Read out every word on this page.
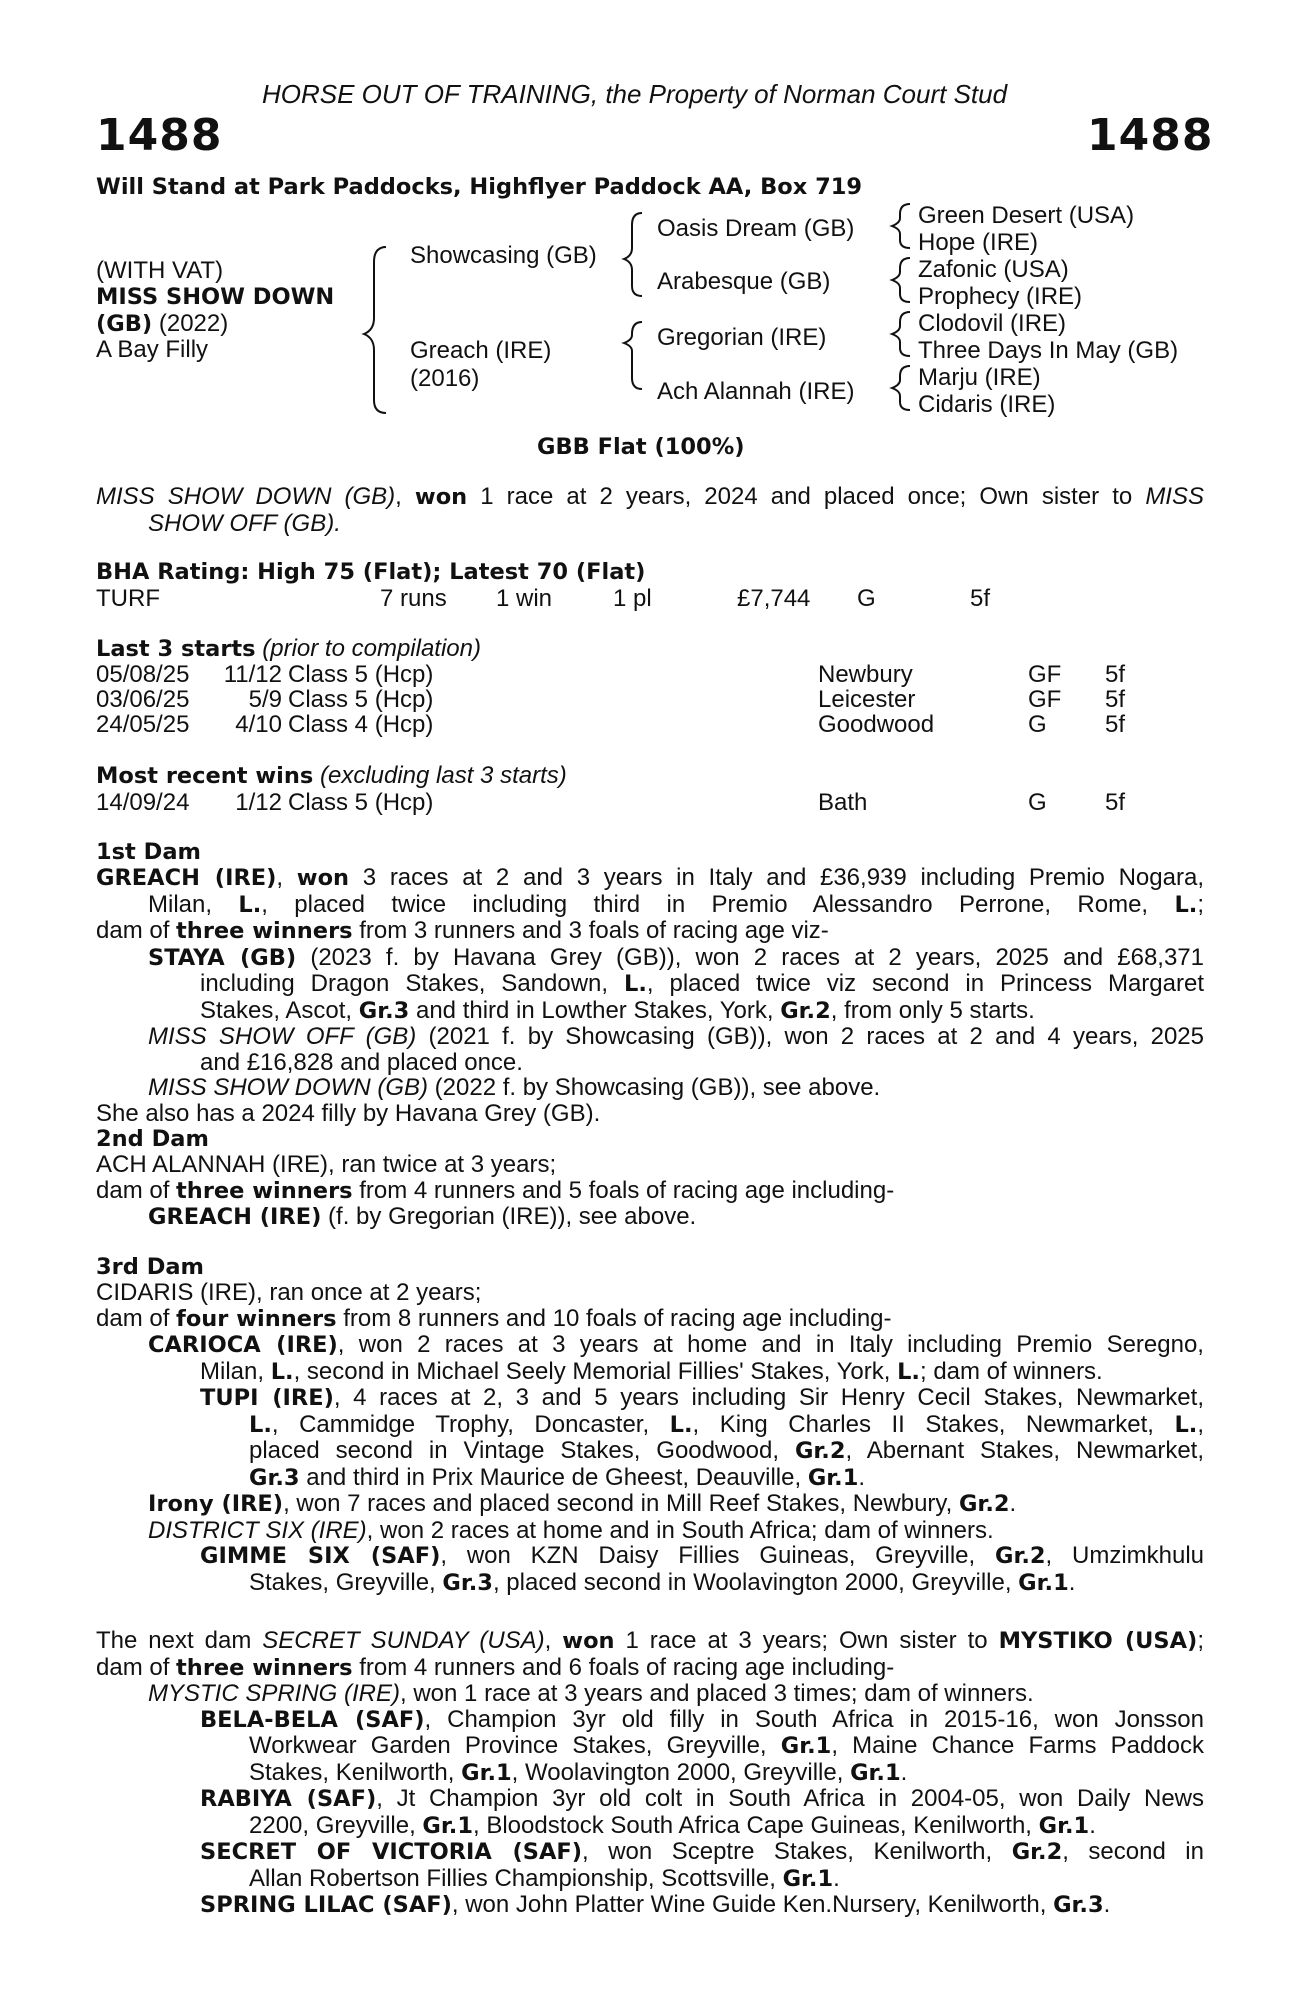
HORSE OUT OF TRAINING, the Property of Norman Court Stud
1488	1488
Will Stand at Park Paddocks, Highflyer Paddock AA, Box 719
(WITH VAT)
MISS SHOW DOWN
(GB) (2022)
A Bay Filly
Showcasing (GB)
Greach (IRE)
(2016)
Oasis Dream (GB)
Arabesque (GB)
Gregorian (IRE)
Ach Alannah (IRE)
Green Desert (USA)
Hope (IRE)
Zafonic (USA)
Prophecy (IRE)
Clodovil (IRE)
Three Days In May (GB)
Marju (IRE)
Cidaris (IRE)
GBB Flat (100%)
MISS SHOW DOWN (GB), won 1 race at 2 years, 2024 and placed once; Own sister to MISS
SHOW OFF (GB).
BHA Rating: High 75 (Flat); Latest 70 (Flat)
TURF	7 runs 1 win	1 pl	£7,744 G	5f
Last 3 starts (prior to compilation)
05/08/25 11/12 Class 5 (Hcp)	Newbury	GF 5f
03/06/25 5/9 Class 5 (Hcp)	Leicester	GF 5f
24/05/25 4/10 Class 4 (Hcp)	Goodwood	G 5f
Most recent wins (excluding last 3 starts)
14/09/24 1/12 Class 5 (Hcp)	Bath	G 5f
1st Dam
GREACH (IRE), won 3 races at 2 and 3 years in Italy and £36,939 including Premio Nogara,
Milan, L., placed twice including third in Premio Alessandro Perrone, Rome, L.;
dam of three winners from 3 runners and 3 foals of racing age viz-
STAYA (GB) (2023 f. by Havana Grey (GB)), won 2 races at 2 years, 2025 and £68,371
including Dragon Stakes, Sandown, L., placed twice viz second in Princess Margaret
Stakes, Ascot, Gr.3 and third in Lowther Stakes, York, Gr.2, from only 5 starts.
MISS SHOW OFF (GB) (2021 f. by Showcasing (GB)), won 2 races at 2 and 4 years, 2025
and £16,828 and placed once.
MISS SHOW DOWN (GB) (2022 f. by Showcasing (GB)), see above.
She also has a 2024 filly by Havana Grey (GB).
2nd Dam
ACH ALANNAH (IRE), ran twice at 3 years;
dam of three winners from 4 runners and 5 foals of racing age including-
GREACH (IRE) (f. by Gregorian (IRE)), see above.
3rd Dam
CIDARIS (IRE), ran once at 2 years;
dam of four winners from 8 runners and 10 foals of racing age including-
CARIOCA (IRE), won 2 races at 3 years at home and in Italy including Premio Seregno,
Milan, L., second in Michael Seely Memorial Fillies' Stakes, York, L.; dam of winners.
TUPI (IRE), 4 races at 2, 3 and 5 years including Sir Henry Cecil Stakes, Newmarket,
L., Cammidge Trophy, Doncaster, L., King Charles II Stakes, Newmarket, L.,
placed second in Vintage Stakes, Goodwood, Gr.2, Abernant Stakes, Newmarket,
Gr.3 and third in Prix Maurice de Gheest, Deauville, Gr.1.
Irony (IRE), won 7 races and placed second in Mill Reef Stakes, Newbury, Gr.2.
DISTRICT SIX (IRE), won 2 races at home and in South Africa; dam of winners.
GIMME SIX (SAF), won KZN Daisy Fillies Guineas, Greyville, Gr.2, Umzimkhulu
Stakes, Greyville, Gr.3, placed second in Woolavington 2000, Greyville, Gr.1.
The next dam SECRET SUNDAY (USA), won 1 race at 3 years; Own sister to MYSTIKO (USA);
dam of three winners from 4 runners and 6 foals of racing age including-
MYSTIC SPRING (IRE), won 1 race at 3 years and placed 3 times; dam of winners.
BELA-BELA (SAF), Champion 3yr old filly in South Africa in 2015-16, won Jonsson
Workwear Garden Province Stakes, Greyville, Gr.1, Maine Chance Farms Paddock
Stakes, Kenilworth, Gr.1, Woolavington 2000, Greyville, Gr.1.
RABIYA (SAF), Jt Champion 3yr old colt in South Africa in 2004-05, won Daily News
2200, Greyville, Gr.1, Bloodstock South Africa Cape Guineas, Kenilworth, Gr.1.
SECRET OF VICTORIA (SAF), won Sceptre Stakes, Kenilworth, Gr.2, second in
Allan Robertson Fillies Championship, Scottsville, Gr.1.
SPRING LILAC (SAF), won John Platter Wine Guide Ken.Nursery, Kenilworth, Gr.3.
